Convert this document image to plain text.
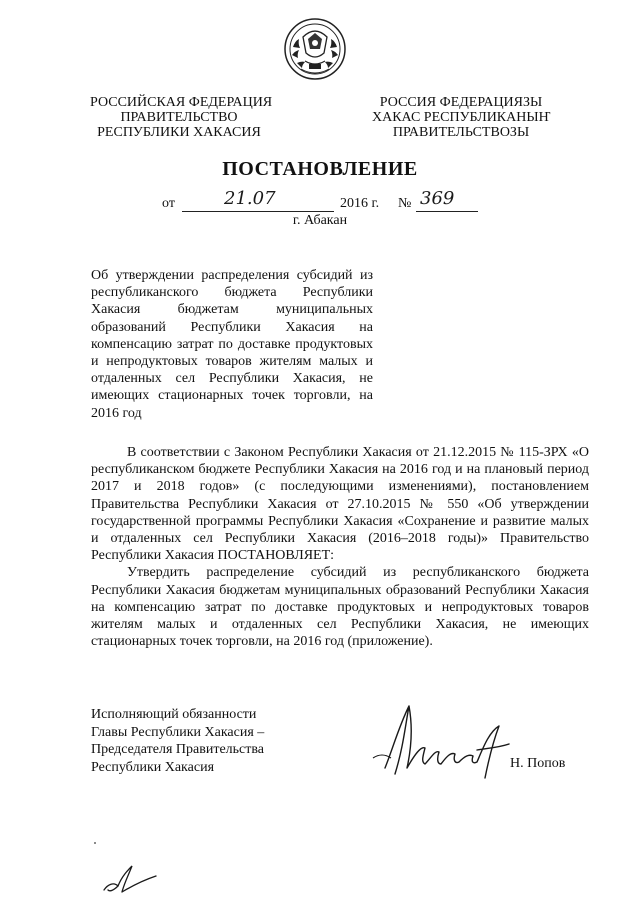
РОССИЙСКАЯ ФЕДЕРАЦИЯ
ПРАВИТЕЛЬСТВО
РЕСПУБЛИКИ ХАКАСИЯ
РОССИЯ ФЕДЕРАЦИЯЗЫ
ХАКАС РЕСПУБЛИКАНЫҤ
ПРАВИТЕЛЬСТВОЗЫ
ПОСТАНОВЛЕНИЕ
от	21.07	2016 г. № 369
г. Абакан
Об утверждении распределения субсидий из республиканского бюджета Республики Хакасия бюджетам муниципальных образований Республики Хакасия на компенсацию затрат по доставке продуктовых и непродуктовых товаров жителям малых и отдаленных сел Республики Хакасия, не имеющих стационарных точек торговли, на 2016 год

В соответствии с Законом Республики Хакасия от 21.12.2015 № 115-ЗРХ «О республиканском бюджете Республики Хакасия на 2016 год и на плановый период 2017 и 2018 годов» (с последующими изменениями), постановлением Правительства Республики Хакасия от 27.10.2015 № 550 «Об утверждении государственной программы Республики Хакасия «Сохранение и развитие малых и отдаленных сел Республики Хакасия (2016–2018 годы)» Правительство Республики Хакасия ПОСТАНОВЛЯЕТ:

Утвердить распределение субсидий из республиканского бюджета Республики Хакасия бюджетам муниципальных образований Республики Хакасия на компенсацию затрат по доставке продуктовых и непродуктовых товаров жителям малых и отдаленных сел Республики Хакасия, не имеющих стационарных точек торговли, на 2016 год (приложение).

Исполняющий обязанности
Главы Республики Хакасия –
Председателя Правительства
Республики Хакасия	Н. Попов
